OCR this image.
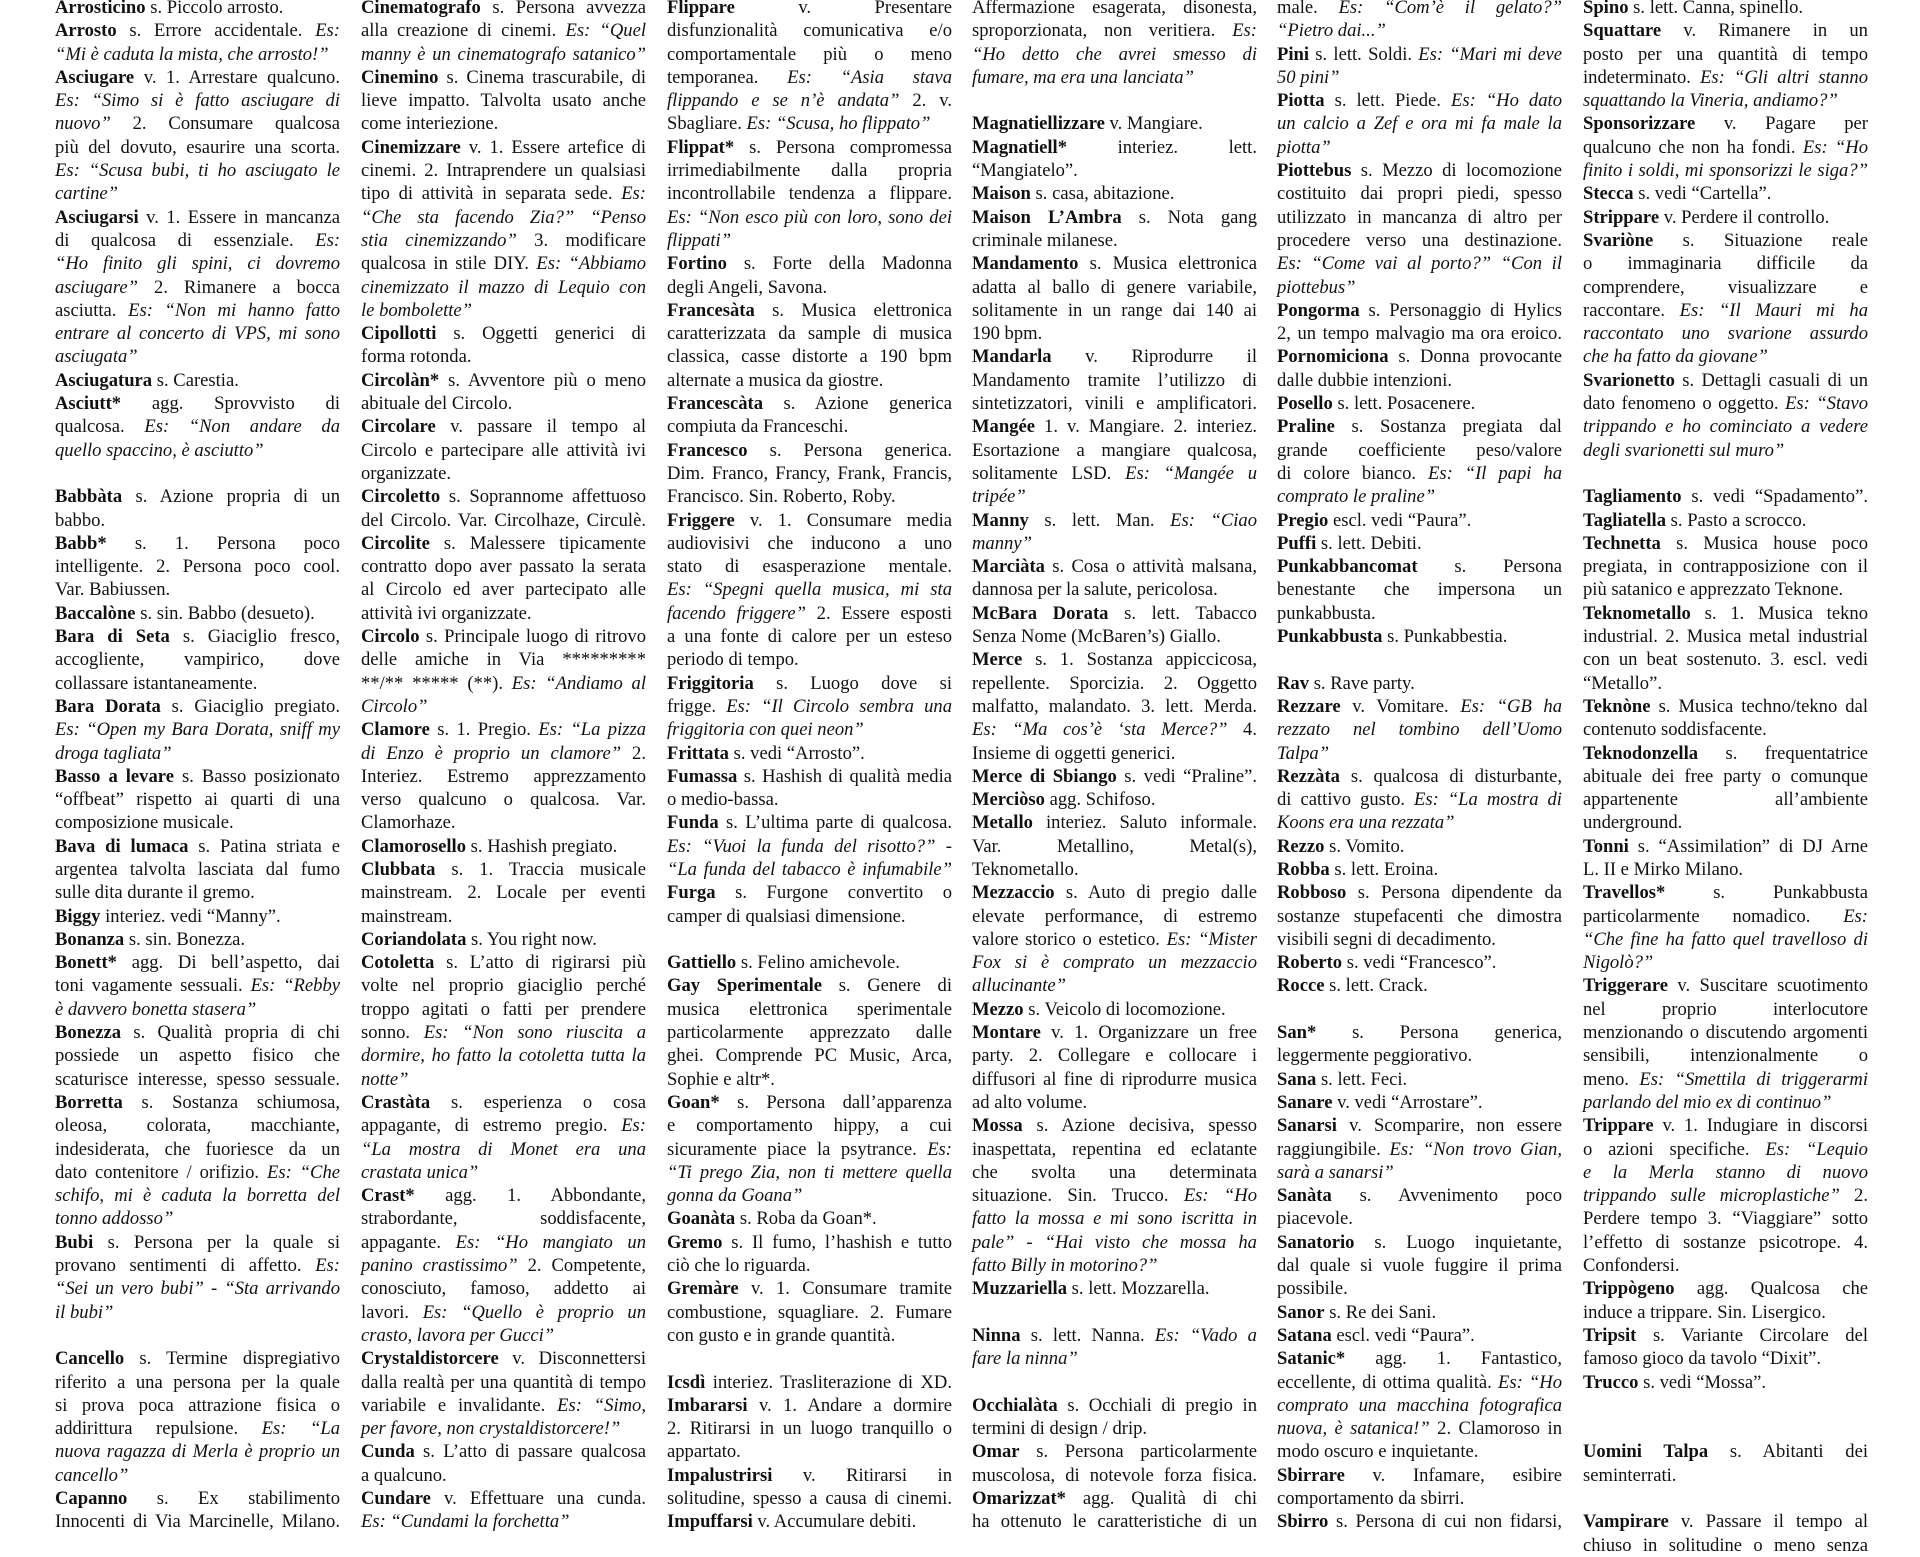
Arrosticino s. Piccolo arrosto.
Arrosto s. Errore accidentale. Es:
“Mi è caduta la mista, che arrosto!”
Asciugare v. 1. Arrestare qualcuno.
Es: “Simo si è fatto asciugare di
nuovo” 2. Consumare qualcosa
più del dovuto, esaurire una scorta.
Es: “Scusa bubi, ti ho asciugato le
cartine”
Asciugarsi v. 1. Essere in mancanza
di qualcosa di essenziale. Es:
“Ho finito gli spini, ci dovremo
asciugare” 2. Rimanere a bocca
asciutta. Es: “Non mi hanno fatto
entrare al concerto di VPS, mi sono
asciugata”
Asciugatura s. Carestia.
Asciutt* agg. Sprovvisto di
qualcosa. Es: “Non andare da
quello spaccino, è asciutto”
Babbàta s. Azione propria di un
babbo.
Babb* s. 1. Persona poco
intelligente. 2. Persona poco cool.
Var. Babiussen.
Baccalòne s. sin. Babbo (desueto).
Bara di Seta s. Giaciglio fresco,
accogliente, vampirico, dove
collassare istantaneamente.
Bara Dorata s. Giaciglio pregiato.
Es: “Open my Bara Dorata, sniff my
droga tagliata”
Basso a levare s. Basso posizionato
“offbeat” rispetto ai quarti di una
composizione musicale.
Bava di lumaca s. Patina striata e
argentea talvolta lasciata dal fumo
sulle dita durante il gremo.
Biggy interiez. vedi “Manny”.
Bonanza s. sin. Bonezza.
Bonett* agg. Di bell’aspetto, dai
toni vagamente sessuali. Es: “Rebby
è davvero bonetta stasera”
Bonezza s. Qualità propria di chi
possiede un aspetto fisico che
scaturisce interesse, spesso sessuale.
Borretta s. Sostanza schiumosa,
oleosa, colorata, macchiante,
indesiderata, che fuoriesce da un
dato contenitore / orifizio. Es: “Che
schifo, mi è caduta la borretta del
tonno addosso”
Bubi s. Persona per la quale si
provano sentimenti di affetto. Es:
“Sei un vero bubi” - “Sta arrivando
il bubi”
Cancello s. Termine dispregiativo
riferito a una persona per la quale
si prova poca attrazione fisica o
addirittura repulsione. Es: “La
nuova ragazza di Merla è proprio un
cancello”
Capanno s. Ex stabilimento
Innocenti di Via Marcinelle, Milano.
Cinematografo s. Persona avvezza
alla creazione di cinemi. Es: “Quel
manny è un cinematografo satanico”
Cinemino s. Cinema trascurabile, di
lieve impatto. Talvolta usato anche
come interiezione.
Cinemizzare v. 1. Essere artefice di
cinemi. 2. Intraprendere un qualsiasi
tipo di attività in separata sede. Es:
“Che sta facendo Zia?” “Penso
stia cinemizzando” 3. modificare
qualcosa in stile DIY. Es: “Abbiamo
cinemizzato il mazzo di Lequio con
le bombolette”
Cipollotti s. Oggetti generici di
forma rotonda.
Circolàn* s. Avventore più o meno
abituale del Circolo.
Circolare v. passare il tempo al
Circolo e partecipare alle attività ivi
organizzate.
Circoletto s. Soprannome affettuoso
del Circolo. Var. Circolhaze, Circulè.
Circolite s. Malessere tipicamente
contratto dopo aver passato la serata
al Circolo ed aver partecipato alle
attività ivi organizzate.
Circolo s. Principale luogo di ritrovo
delle amiche in Via *********
**/** ***** (**). Es: “Andiamo al
Circolo”
Clamore s. 1. Pregio. Es: “La pizza
di Enzo è proprio un clamore” 2.
Interiez. Estremo apprezzamento
verso qualcuno o qualcosa. Var.
Clamorhaze.
Clamorosello s. Hashish pregiato.
Clubbata s. 1. Traccia musicale
mainstream. 2. Locale per eventi
mainstream.
Coriandolata s. You right now.
Cotoletta s. L’atto di rigirarsi più
volte nel proprio giaciglio perché
troppo agitati o fatti per prendere
sonno. Es: “Non sono riuscita a
dormire, ho fatto la cotoletta tutta la
notte”
Crastàta s. esperienza o cosa
appagante, di estremo pregio. Es:
“La mostra di Monet era una
crastata unica”
Crast* agg. 1. Abbondante,
strabordante, soddisfacente,
appagante. Es: “Ho mangiato un
panino crastissimo” 2. Competente,
conosciuto, famoso, addetto ai
lavori. Es: “Quello è proprio un
crasto, lavora per Gucci”
Crystaldistorcere v. Disconnettersi
dalla realtà per una quantità di tempo
variabile e invalidante. Es: “Simo,
per favore, non crystaldistorcere!”
Cunda s. L’atto di passare qualcosa
a qualcuno.
Cundare v. Effettuare una cunda.
Es: “Cundami la forchetta”
Flippare	v. Presentare
disfunzionalità comunicativa e/o
comportamentale più o meno
temporanea. Es: “Asia stava
flippando e se n’è andata” 2. v.
Sbagliare. Es: “Scusa, ho flippato”
Flippat* s. Persona compromessa
irrimediabilmente dalla propria
incontrollabile tendenza a flippare.
Es: “Non esco più con loro, sono dei
flippati”
Fortino s. Forte della Madonna
degli Angeli, Savona.
Francesàta s. Musica elettronica
caratterizzata da sample di musica
classica, casse distorte a 190 bpm
alternate a musica da giostre.
Francescàta s. Azione generica
compiuta da Franceschi.
Francesco s. Persona generica.
Dim. Franco, Francy, Frank, Francis,
Francisco. Sin. Roberto, Roby.
Friggere v. 1. Consumare media
audiovisivi che inducono a uno
stato di esasperazione mentale.
Es: “Spegni quella musica, mi sta
facendo friggere” 2. Essere esposti
a una fonte di calore per un esteso
periodo di tempo.
Friggitoria s. Luogo dove si
frigge. Es: “Il Circolo sembra una
friggitoria con quei neon”
Frittata s. vedi “Arrosto”.
Fumassa s. Hashish di qualità media
o medio-bassa.
Funda s. L’ultima parte di qualcosa.
Es: “Vuoi la funda del risotto?” -
“La funda del tabacco è infumabile”
Furga s. Furgone convertito o
camper di qualsiasi dimensione.
Gattiello s. Felino amichevole.
Gay Sperimentale s. Genere di
musica elettronica sperimentale
particolarmente apprezzato dalle
ghei. Comprende PC Music, Arca,
Sophie e altr*.
Goan* s. Persona dall’apparenza
e comportamento hippy, a cui
sicuramente piace la psytrance. Es:
“Ti prego Zia, non ti mettere quella
gonna da Goana”
Goanàta s. Roba da Goan*.
Gremo s. Il fumo, l’hashish e tutto
ciò che lo riguarda.
Gremàre v. 1. Consumare tramite
combustione, squagliare. 2. Fumare
con gusto e in grande quantità.
Icsdì interiez. Trasliterazione di XD.
Imbararsi v. 1. Andare a dormire
2. Ritirarsi in un luogo tranquillo o
appartato.
Impalustrirsi v. Ritirarsi in
solitudine, spesso a causa di cinemi.
Impuffarsi v. Accumulare debiti.
Affermazione esagerata, disonesta,
sproporzionata, non veritiera. Es:
“Ho detto che avrei smesso di
fumare, ma era una lanciata”
Magnatiellizzare v. Mangiare.
Magnatiell*	interiez. lett.
“Mangiatelo”.
Maison s. casa, abitazione.
Maison L’Ambra s. Nota gang
criminale milanese.
Mandamento s. Musica elettronica
adatta al ballo di genere variabile,
solitamente in un range dai 140 ai
190 bpm.
Mandarla v. Riprodurre il
Mandamento tramite l’utilizzo di
sintetizzatori, vinili e amplificatori.
Mangée 1. v. Mangiare. 2. interiez.
Esortazione a mangiare qualcosa,
solitamente LSD. Es: “Mangée u
tripée”
Manny s. lett. Man. Es: “Ciao
manny”
Marciàta s. Cosa o attività malsana,
dannosa per la salute, pericolosa.
McBara Dorata s. lett. Tabacco
Senza Nome (McBaren’s) Giallo.
Merce s. 1. Sostanza appiccicosa,
repellente. Sporcizia. 2. Oggetto
malfatto, malandato. 3. lett. Merda.
Es: “Ma cos’è ‘sta Merce?” 4.
Insieme di oggetti generici.
Merce di Sbiango s. vedi “Praline”.
Merciòso agg. Schifoso.
Metallo interiez. Saluto informale.
Var. Metallino, Metal(s),
Teknometallo.
Mezzaccio s. Auto di pregio dalle
elevate performance, di estremo
valore storico o estetico. Es: “Mister
Fox si è comprato un mezzaccio
allucinante”
Mezzo s. Veicolo di locomozione.
Montare v. 1. Organizzare un free
party. 2. Collegare e collocare i
diffusori al fine di riprodurre musica
ad alto volume.
Mossa s. Azione decisiva, spesso
inaspettata, repentina ed eclatante
che svolta una determinata
situazione. Sin. Trucco. Es: “Ho
fatto la mossa e mi sono iscritta in
pale” - “Hai visto che mossa ha
fatto Billy in motorino?”
Muzzariella s. lett. Mozzarella.
Ninna s. lett. Nanna. Es: “Vado a
fare la ninna”
Occhialàta s. Occhiali di pregio in
termini di design / drip.
Omar s. Persona particolarmente
muscolosa, di notevole forza fisica.
Omarizzat* agg. Qualità di chi
ha ottenuto le caratteristiche di un
male. Es: “Com’è il gelato?”
“Pietro dai...”
Pini s. lett. Soldi. Es: “Mari mi deve
50 pini”
Piotta s. lett. Piede. Es: “Ho dato
un calcio a Zef e ora mi fa male la
piotta”
Piottebus s. Mezzo di locomozione
costituito dai propri piedi, spesso
utilizzato in mancanza di altro per
procedere verso una destinazione.
Es: “Come vai al porto?” “Con il
piottebus”
Pongorma s. Personaggio di Hylics
2, un tempo malvagio ma ora eroico.
Pornomiciona s. Donna provocante
dalle dubbie intenzioni.
Posello s. lett. Posacenere.
Praline s. Sostanza pregiata dal
grande coefficiente peso/valore
di colore bianco. Es: “Il papi ha
comprato le praline”
Pregio escl. vedi “Paura”.
Puffi s. lett. Debiti.
Punkabbancomat s. Persona
benestante che impersona un
punkabbusta.
Punkabbusta s. Punkabbestia.
Rav s. Rave party.
Rezzare v. Vomitare. Es: “GB ha
rezzato nel tombino dell’Uomo
Talpa”
Rezzàta s. qualcosa di disturbante,
di cattivo gusto. Es: “La mostra di
Koons era una rezzata”
Rezzo s. Vomito.
Robba s. lett. Eroina.
Robboso s. Persona dipendente da
sostanze stupefacenti che dimostra
visibili segni di decadimento.
Roberto s. vedi “Francesco”.
Rocce s. lett. Crack.
San* s. Persona generica,
leggermente peggiorativo.
Sana s. lett. Feci.
Sanare v. vedi “Arrostare”.
Sanarsi v. Scomparire, non essere
raggiungibile. Es: “Non trovo Gian,
sarà a sanarsi”
Sanàta s. Avvenimento poco
piacevole.
Sanatorio s. Luogo inquietante,
dal quale si vuole fuggire il prima
possibile.
Sanor s. Re dei Sani.
Satana escl. vedi “Paura”.
Satanic* agg. 1. Fantastico,
eccellente, di ottima qualità. Es: “Ho
comprato una macchina fotografica
nuova, è satanica!” 2. Clamoroso in
modo oscuro e inquietante.
Sbirrare v. Infamare, esibire
comportamento da sbirri.
Sbirro s. Persona di cui non fidarsi,
Spino s. lett. Canna, spinello.
Squattare v. Rimanere in un
posto per una quantità di tempo
indeterminato. Es: “Gli altri stanno
squattando la Vineria, andiamo?”
Sponsorizzare v. Pagare per
qualcuno che non ha fondi. Es: “Ho
finito i soldi, mi sponsorizzi le siga?”
Stecca s. vedi “Cartella”.
Strippare v. Perdere il controllo.
Svariòne s. Situazione reale
o immaginaria difficile da
comprendere, visualizzare e
raccontare. Es: “Il Mauri mi ha
raccontato uno svarione assurdo
che ha fatto da giovane”
Svarionetto s. Dettagli casuali di un
dato fenomeno o oggetto. Es: “Stavo
trippando e ho cominciato a vedere
degli svarionetti sul muro”
Tagliamento s. vedi “Spadamento”.
Tagliatella s. Pasto a scrocco.
Technetta s. Musica house poco
pregiata, in contrapposizione con il
più satanico e apprezzato Teknone.
Teknometallo s. 1. Musica tekno
industrial. 2. Musica metal industrial
con un beat sostenuto. 3. escl. vedi
“Metallo”.
Teknòne s. Musica techno/tekno dal
contenuto soddisfacente.
Teknodonzella s. frequentatrice
abituale dei free party o comunque
appartenente all’ambiente
underground.
Tonni s. “Assimilation” di DJ Arne
L. II e Mirko Milano.
Travellos*	s. Punkabbusta
particolarmente nomadico. Es:
“Che fine ha fatto quel travelloso di
Nigolò?”
Triggerare v. Suscitare scuotimento
nel proprio interlocutore
menzionando o discutendo argomenti
sensibili, intenzionalmente o
meno. Es: “Smettila di triggerarmi
parlando del mio ex di continuo”
Trippare v. 1. Indugiare in discorsi
o azioni specifiche. Es: “Lequio
e la Merla stanno di nuovo
trippando sulle microplastiche” 2.
Perdere tempo 3. “Viaggiare” sotto
l’effetto di sostanze psicotrope. 4.
Confondersi.
Trippògeno agg. Qualcosa che
induce a trippare. Sin. Lisergico.
Tripsit s. Variante Circolare del
famoso gioco da tavolo “Dixit”.
Trucco s. vedi “Mossa”.
Uomini Talpa s. Abitanti dei
seminterrati.
Vampirare v. Passare il tempo al
chiuso in solitudine o meno senza
